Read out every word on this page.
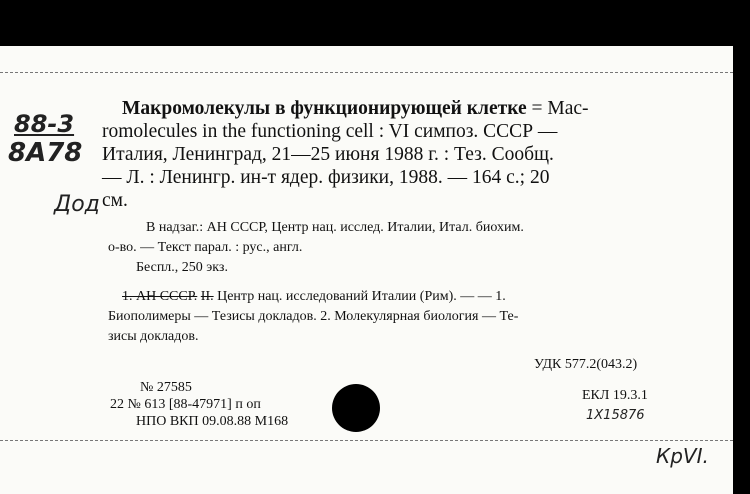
88-3
8A78
Дод
Макромолекулы в функционирующей клетке = Mac-
romolecules in the functioning cell : VI симпоз. СССР —
Италия, Ленинград, 21—25 июня 1988 г. : Тез. Сообщ.
— Л. : Ленингр. ин-т ядер. физики, 1988. — 164 с.; 20
см.
В надзаг.: АН СССР, Центр нац. исслед. Италии, Итал. биохим.
о-во. — Текст парал. : рус., англ.
Беспл., 250 экз.
1. АН СССР. II. Центр нац. исследований Италии (Рим). — — 1.
Биополимеры — Тезисы докладов. 2. Молекулярная биология — Те-
зисы докладов.
УДК 577.2(043.2)
№ 27585
22 № 613 [88-47971] п оп
НПО ВКП 09.08.88 М168
ЕКЛ 19.3.1
1Х15876
КрVI.
